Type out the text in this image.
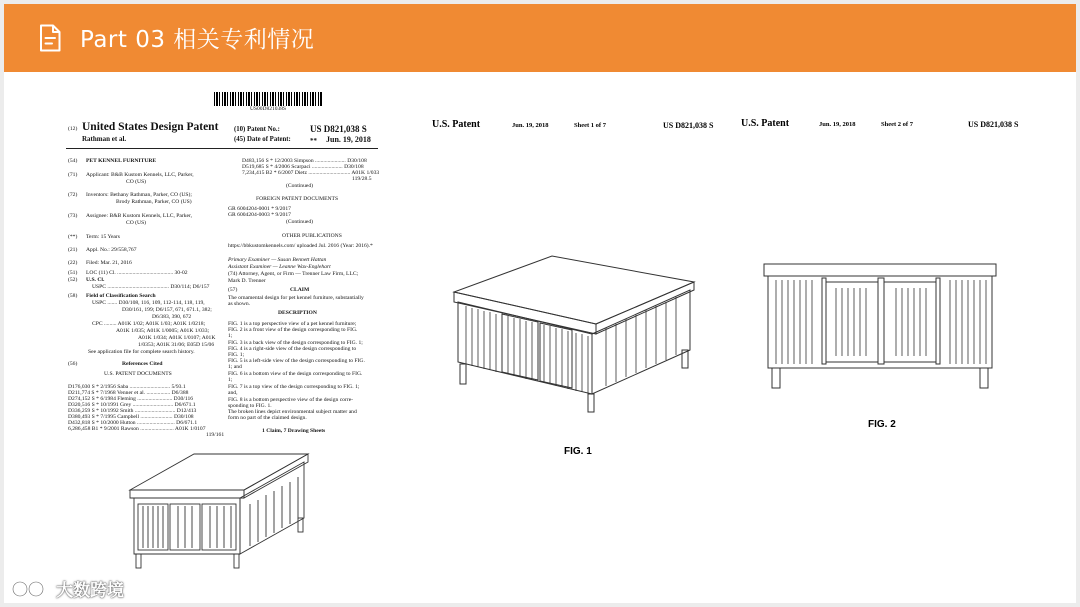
Part 03 相关专利情况
US00D821038S
(12) United States Design Patent
Rathman et al.
(10) Patent No.:	US D821,038 S
(45) Date of Patent:	** Jun. 19, 2018
(54) PET KENNEL FURNITURE
(71) Applicant: B&B Kustom Kennels, LLC, Parker,
CO (US)
(72) Inventors: Bethany Rathman, Parker, CO (US);
Brody Rathman, Parker, CO (US)
(73) Assignee: B&B Kustom Kennels, LLC, Parker,
CO (US)
(**) Term: 15 Years
(21) Appl. No.: 29/558,767
(22) Filed: Mar. 21, 2016
(51) LOC (11) Cl. ........................................ 30-02
(52) U.S. Cl.
USPC ............................................ D30/114; D6/157
(58) Field of Classification Search
USPC ....... D30/108, 116, 109, 112-114, 118, 119,
D30/161, 199; D6/157, 671, 671.1, 382;
D6/383, 390, 672
CPC ......... A01K 1/02; A01K 1/03; A01K 1/0218;
A01K 1/035; A01K 1/0005; A01K 1/033;
A01K 1/034; A01K 1/0107; A01K
1/0353; A01K 31/06; E05D 15/06
See application file for complete search history.
(56)	References Cited
U.S. PATENT DOCUMENTS
D176,030 S * 2/1956 Saba ............................. 5/93.1
D211,774 S * 7/1968 Venner et al. ................. D6/388
D274,152 S * 6/1984 Fleming ......................... D30/116
D320,516 S * 10/1991 Grey ............................. D6/671.1
D336,259 S * 10/1992 Smith ............................. D12/413
D380,493 S * 7/1995 Campbell ....................... D30/108
D432,818 S * 10/2000 Hutton ........................... D6/671.1
6,286,458 B1 * 9/2001 Rawson ........................ A01K 1/0107
119/161
D483,156 S * 12/2003 Simpson ...................... D30/108
D519,685 S * 4/2006 Scarpaci ...................... D30/108
7,234,415 B2 * 6/2007 Dietz .............................. A01K 1/033
119/28.5
(Continued)
FOREIGN PATENT DOCUMENTS
GR 6004204-0001 * 9/2017
GR 6004204-0003 * 9/2017
(Continued)
OTHER PUBLICATIONS
https://bbkustomkennels.com/ uploaded Jul. 2016 (Year: 2016).*
Primary Examiner — Susan Bennett Hattan
Assistant Examiner — Leanne Wax-Englehart
(74) Attorney, Agent, or Firm — Trenner Law Firm, LLC;
Mark D. Trenner
(57)	CLAIM
The ornamental design for pet kennel furniture, substantially
as shown.
DESCRIPTION
FIG. 1 is a top perspective view of a pet kennel furniture;
FIG. 2 is a front view of the design corresponding to FIG.
1;
FIG. 3 is a back view of the design corresponding to FIG. 1;
FIG. 4 is a right-side view of the design corresponding to
FIG. 1;
FIG. 5 is a left-side view of the design corresponding to FIG.
1; and
FIG. 6 is a bottom view of the design corresponding to FIG.
1;
FIG. 7 is a top view of the design corresponding to FIG. 1;
and,
FIG. 8 is a bottom perspective view of the design corre-
sponding to FIG. 1.
The broken lines depict environmental subject matter and
form no part of the claimed design.
1 Claim, 7 Drawing Sheets
U.S. Patent	Jun. 19, 2018	Sheet 1 of 7	US D821,038 S
FIG. 1
U.S. Patent	Jun. 19, 2018	Sheet 2 of 7	US D821,038 S
FIG. 2
大数跨境
